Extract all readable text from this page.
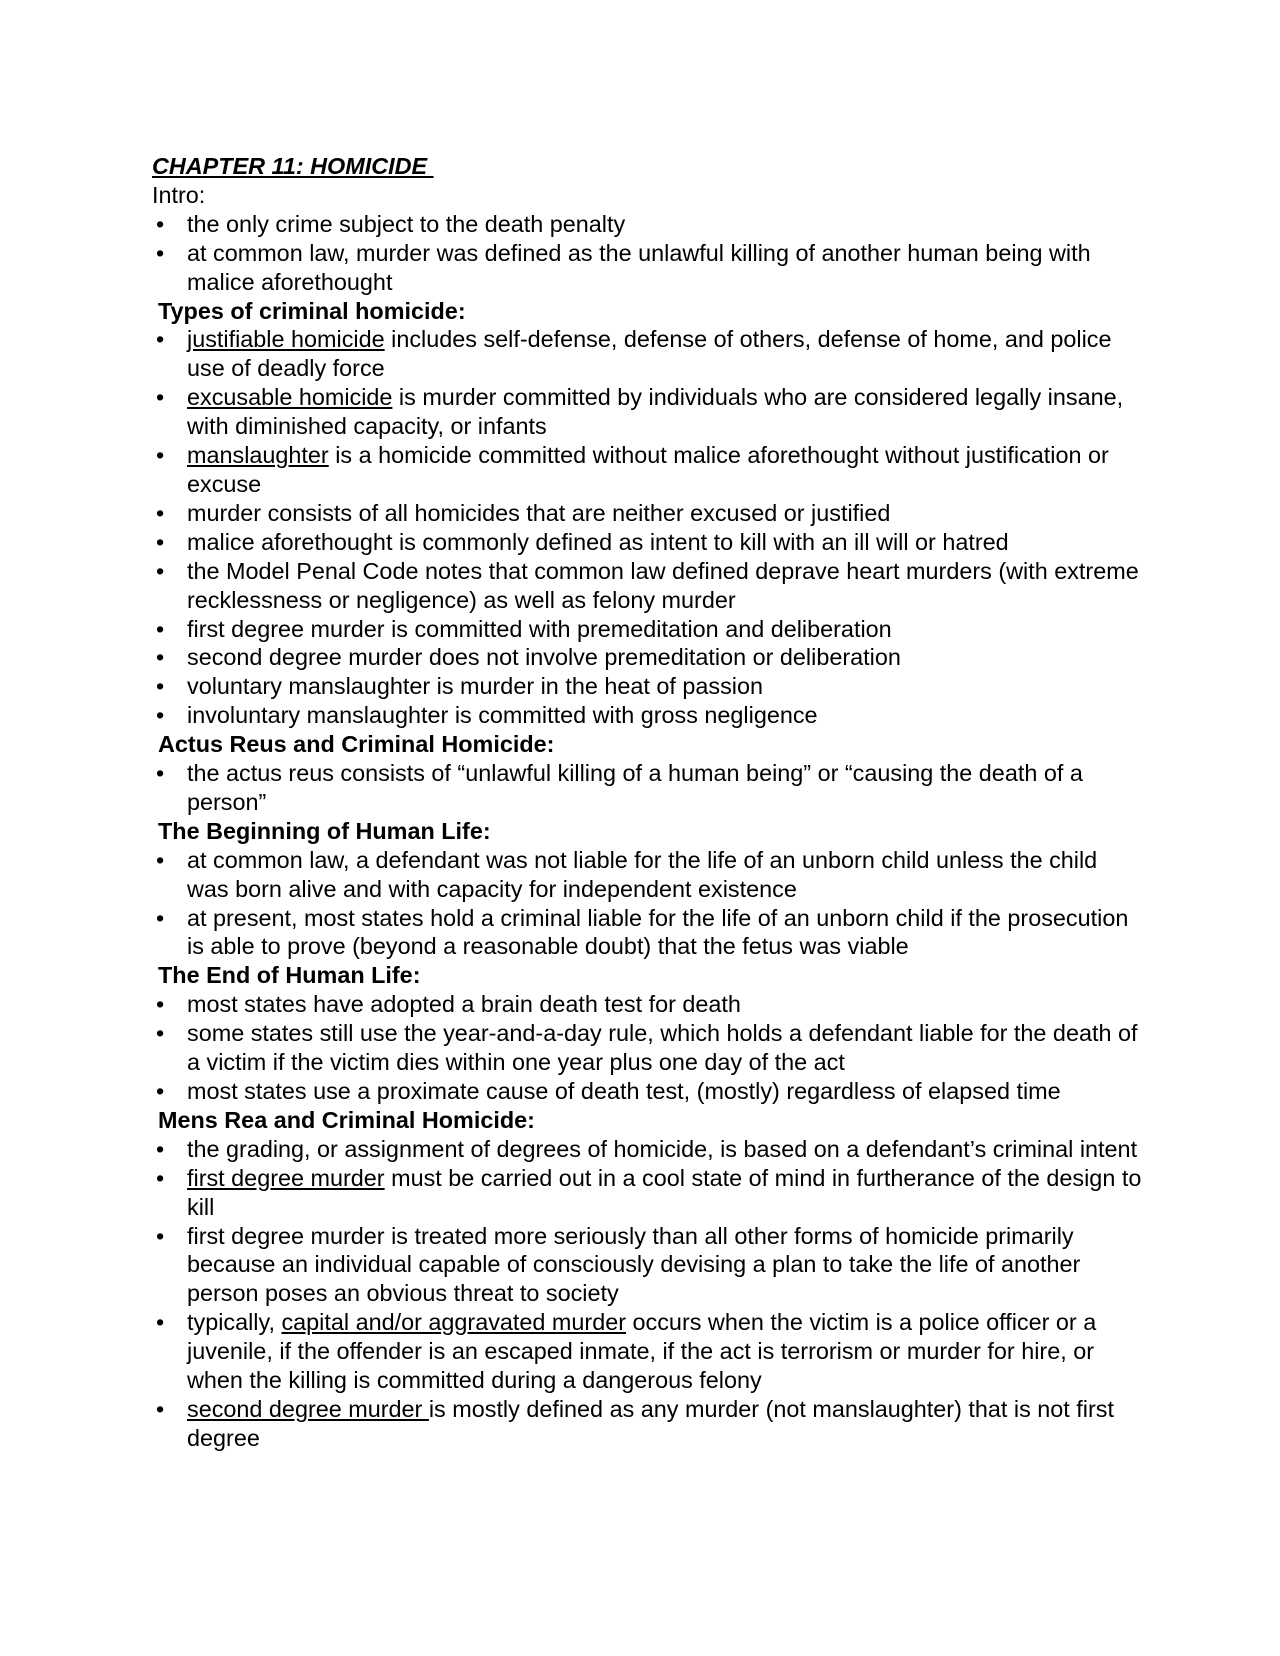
CHAPTER 11: HOMICIDE
Intro:
• the only crime subject to the death penalty
• at common law, murder was defined as the unlawful killing of another human being with malice aforethought
Types of criminal homicide:
• justifiable homicide includes self-defense, defense of others, defense of home, and police use of deadly force
• excusable homicide is murder committed by individuals who are considered legally insane, with diminished capacity, or infants
• manslaughter is a homicide committed without malice aforethought without justification or excuse
• murder consists of all homicides that are neither excused or justified
• malice aforethought is commonly defined as intent to kill with an ill will or hatred
• the Model Penal Code notes that common law defined deprave heart murders (with extreme recklessness or negligence) as well as felony murder
• first degree murder is committed with premeditation and deliberation
• second degree murder does not involve premeditation or deliberation
• voluntary manslaughter is murder in the heat of passion
• involuntary manslaughter is committed with gross negligence
Actus Reus and Criminal Homicide:
• the actus reus consists of “unlawful killing of a human being” or “causing the death of a person”
The Beginning of Human Life:
• at common law, a defendant was not liable for the life of an unborn child unless the child was born alive and with capacity for independent existence
• at present, most states hold a criminal liable for the life of an unborn child if the prosecution is able to prove (beyond a reasonable doubt) that the fetus was viable
The End of Human Life:
• most states have adopted a brain death test for death
• some states still use the year-and-a-day rule, which holds a defendant liable for the death of a victim if the victim dies within one year plus one day of the act
• most states use a proximate cause of death test, (mostly) regardless of elapsed time
Mens Rea and Criminal Homicide:
• the grading, or assignment of degrees of homicide, is based on a defendant’s criminal intent
• first degree murder must be carried out in a cool state of mind in furtherance of the design to kill
• first degree murder is treated more seriously than all other forms of homicide primarily because an individual capable of consciously devising a plan to take the life of another person poses an obvious threat to society
• typically, capital and/or aggravated murder occurs when the victim is a police officer or a juvenile, if the offender is an escaped inmate, if the act is terrorism or murder for hire, or when the killing is committed during a dangerous felony
• second degree murder is mostly defined as any murder (not manslaughter) that is not first degree
